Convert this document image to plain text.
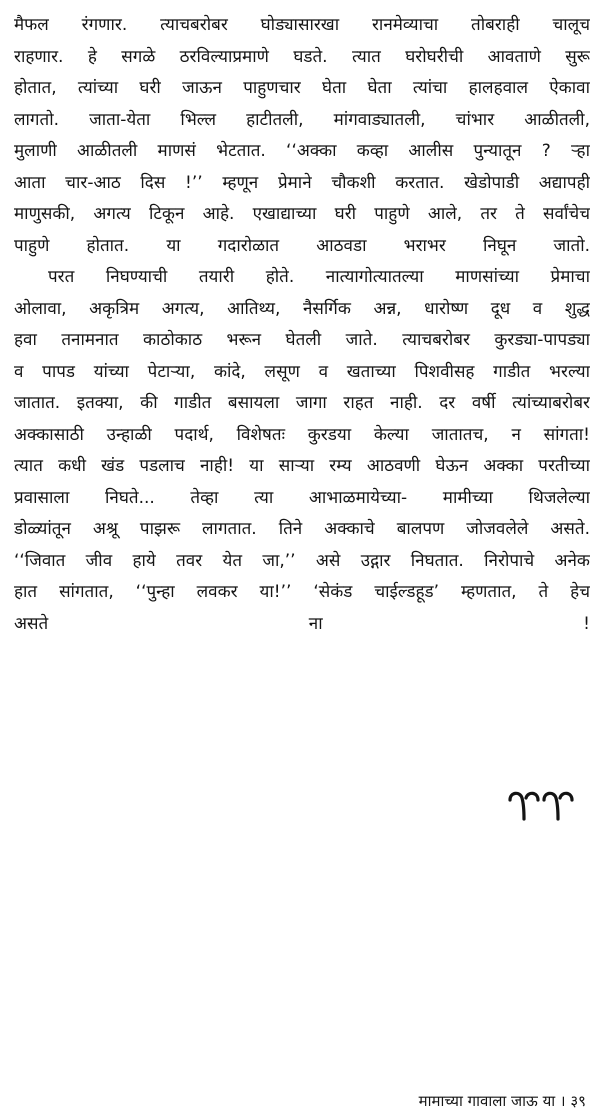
मैफल रंगणार. त्याचबरोबर घोड्यासारखा रानमेव्याचा तोबराही चालूच
राहणार. हे सगळे ठरविल्याप्रमाणे घडते. त्यात घरोघरीची आवताणे सुरू
होतात, त्यांच्या घरी जाऊन पाहुणचार घेता घेता त्यांचा हालहवाल ऐकावा
लागतो. जाता-येता भिल्ल हाटीतली, मांगवाड्यातली, चांभार आळीतली,
मुलाणी आळीतली माणसं भेटतात. ‘‘अक्का कव्हा आलीस पुन्यातून ? ऱ्हा
आता चार-आठ दिस !’’ म्हणून प्रेमाने चौकशी करतात. खेडोपाडी अद्यापही
माणुसकी, अगत्य टिकून आहे. एखाद्याच्या घरी पाहुणे आले, तर ते सर्वांचेच
पाहुणे होतात. या गदारोळात आठवडा भराभर निघून जातो.
परत निघण्याची तयारी होते. नात्यागोत्यातल्या माणसांच्या प्रेमाचा
ओलावा, अकृत्रिम अगत्य, आतिथ्य, नैसर्गिक अन्न, धारोष्ण दूध व शुद्ध
हवा तनामनात काठोकाठ भरून घेतली जाते. त्याचबरोबर कुरड्या-पापड्या
व पापड यांच्या पेटाऱ्या, कांदे, लसूण व खताच्या पिशवीसह गाडीत भरल्या
जातात. इतक्या, की गाडीत बसायला जागा राहत नाही. दर वर्षी त्यांच्याबरोबर
अक्कासाठी उन्हाळी पदार्थ, विशेषतः कुरडया केल्या जातातच, न सांगता!
त्यात कधी खंड पडलाच नाही! या साऱ्या रम्य आठवणी घेऊन अक्का परतीच्या
प्रवासाला निघते... तेव्हा त्या आभाळमायेच्या- मामीच्या थिजलेल्या
डोळ्यांतून अश्रू पाझरू लागतात. तिने अक्काचे बालपण जोजवलेले असते.
‘‘जिवात जीव हाये तवर येत जा,’’ असे उद्गार निघतात. निरोपाचे अनेक
हात सांगतात, ‘‘पुन्हा लवकर या!’’ ‘सेकंड चाईल्डहूड’ म्हणतात, ते हेच
असते ना !
मामाच्या गावाला जाऊ या । ३९
